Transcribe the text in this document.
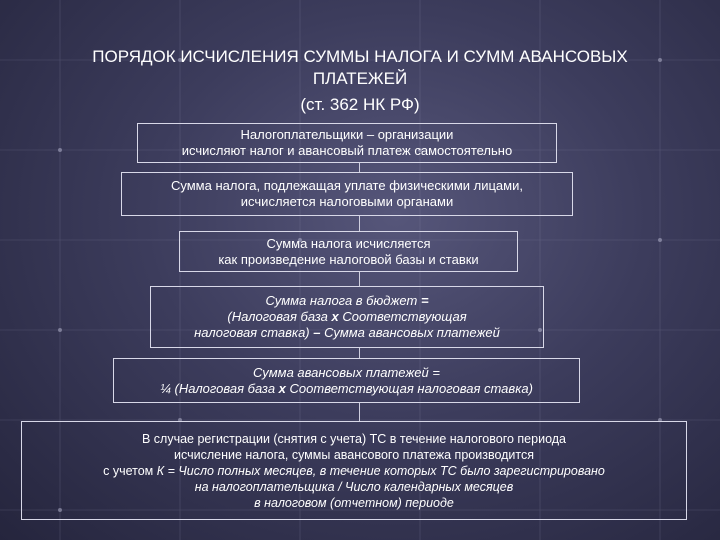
ПОРЯДОК ИСЧИСЛЕНИЯ СУММЫ НАЛОГА И СУММ АВАНСОВЫХ
ПЛАТЕЖЕЙ
(ст. 362 НК РФ)
Налогоплательщики – организации
исчисляют налог и авансовый платеж самостоятельно
Сумма налога, подлежащая уплате физическими лицами,
исчисляется налоговыми органами
Сумма налога исчисляется
как произведение налоговой базы и ставки
Сумма налога в бюджет =
(Налоговая база х Соответствующая
налоговая ставка) – Сумма авансовых платежей
Сумма авансовых платежей =
¼ (Налоговая база х Соответствующая налоговая ставка)
В случае регистрации (снятия с учета) ТС в течение налогового периода
исчисление налога, суммы авансового платежа производится
с учетом К = Число полных месяцев, в течение которых ТС было зарегистрировано
на налогоплательщика / Число календарных месяцев
в налоговом (отчетном) периоде
